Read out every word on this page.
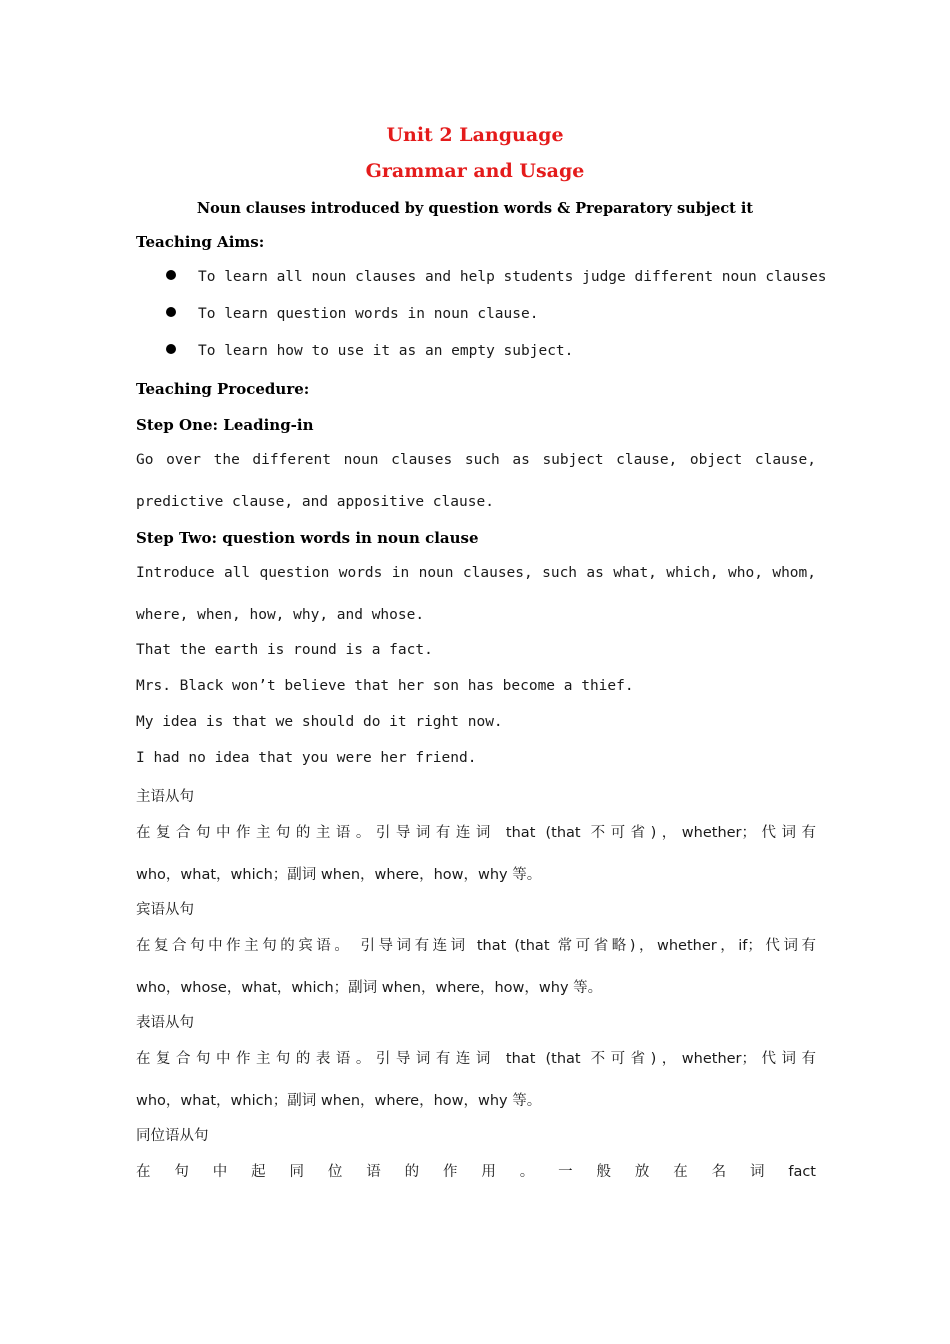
Unit 2 Language
Grammar and Usage
Noun clauses introduced by question words & Preparatory subject it
Teaching Aims:
To learn all noun clauses and help students judge different noun clauses
To learn question words in noun clause.
To learn how to use it as an empty subject.
Teaching Procedure:
Step One: Leading-in
Go over the different noun clauses such as subject clause, object clause,
predictive clause, and appositive clause.
Step Two: question words in noun clause
Introduce all question words in noun clauses, such as what, which, who, whom,
where, when, how, why, and whose.
That the earth is round is a fact.
Mrs. Black won’t believe that her son has become a thief.
My idea is that we should do it right now.
I had no idea that you were her friend.
主语从句
在复合句中作主句的主语。引导词有连词 that (that 不可省)，whether；代词有
who，what，which；副词 when，where，how，why 等。
宾语从句
在复合句中作主句的宾语。 引导词有连词 that (that 常可省略)，whether，if；代词有
who，whose，what，which；副词 when，where，how，why 等。
表语从句
在复合句中作主句的表语。引导词有连词 that (that 不可省)，whether；代词有
who，what，which；副词 when，where，how，why 等。
同位语从句
在 句 中 起 同 位 语 的 作 用 。 一 般 放 在 名 词 fact
